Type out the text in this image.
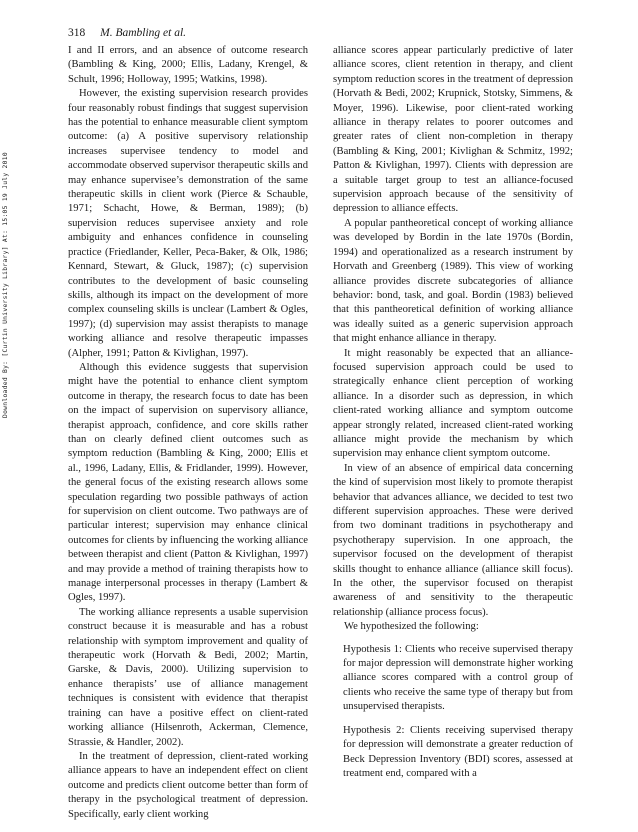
318 M. Bambling et al.
Downloaded By: [Curtin University Library] At: 15:05 19 July 2010

I and II errors, and an absence of outcome research (Bambling & King, 2000; Ellis, Ladany, Krengel, & Schult, 1996; Holloway, 1995; Watkins, 1998).

However, the existing supervision research provides four reasonably robust findings that suggest supervision has the potential to enhance measurable client symptom outcome: (a) A positive supervisory relationship increases supervisee tendency to model and accommodate observed supervisor therapeutic skills and may enhance supervisee’s demonstration of the same therapeutic skills in client work (Pierce & Schauble, 1971; Schacht, Howe, & Berman, 1989); (b) supervision reduces supervisee anxiety and role ambiguity and enhances confidence in counseling practice (Friedlander, Keller, Peca-Baker, & Olk, 1986; Kennard, Stewart, & Gluck, 1987); (c) supervision contributes to the development of basic counseling skills, although its impact on the development of more complex counseling skills is unclear (Lambert & Ogles, 1997); (d) supervision may assist therapists to manage working alliance and resolve therapeutic impasses (Alpher, 1991; Patton & Kivlighan, 1997).

Although this evidence suggests that supervision might have the potential to enhance client symptom outcome in therapy, the research focus to date has been on the impact of supervision on supervisory alliance, therapist approach, confidence, and core skills rather than on clearly defined client outcomes such as symptom reduction (Bambling & King, 2000; Ellis et al., 1996, Ladany, Ellis, & Fridlander, 1999). However, the general focus of the existing research allows some speculation regarding two possible pathways of action for supervision on client outcome. Two pathways are of particular interest; supervision may enhance clinical outcomes for clients by influencing the working alliance between therapist and client (Patton & Kivlighan, 1997) and may provide a method of training therapists how to manage interpersonal processes in therapy (Lambert & Ogles, 1997).

The working alliance represents a usable supervision construct because it is measurable and has a robust relationship with symptom improvement and quality of therapeutic work (Horvath & Bedi, 2002; Martin, Garske, & Davis, 2000). Utilizing supervision to enhance therapists’ use of alliance management techniques is consistent with evidence that therapist training can have a positive effect on client-rated working alliance (Hilsenroth, Ackerman, Clemence, Strassie, & Handler, 2002).

In the treatment of depression, client-rated working alliance appears to have an independent effect on client outcome and predicts client outcome better than form of therapy in the psychological treatment of depression. Specifically, early client working

alliance scores appear particularly predictive of later alliance scores, client retention in therapy, and client symptom reduction scores in the treatment of depression (Horvath & Bedi, 2002; Krupnick, Stotsky, Simmens, & Moyer, 1996). Likewise, poor client-rated working alliance in therapy relates to poorer outcomes and greater rates of client non-completion in therapy (Bambling & King, 2001; Kivlighan & Schmitz, 1992; Patton & Kivlighan, 1997). Clients with depression are a suitable target group to test an alliance-focused supervision approach because of the sensitivity of depression to alliance effects.

A popular pantheoretical concept of working alliance was developed by Bordin in the late 1970s (Bordin, 1994) and operationalized as a research instrument by Horvath and Greenberg (1989). This view of working alliance provides discrete subcategories of alliance behavior: bond, task, and goal. Bordin (1983) believed that this pantheoretical definition of working alliance was ideally suited as a generic supervision approach that might enhance alliance in therapy.

It might reasonably be expected that an alliance-focused supervision approach could be used to strategically enhance client perception of working alliance. In a disorder such as depression, in which client-rated working alliance and symptom outcome appear strongly related, increased client-rated working alliance might provide the mechanism by which supervision may enhance client symptom outcome.

In view of an absence of empirical data concerning the kind of supervision most likely to promote therapist behavior that advances alliance, we decided to test two different supervision approaches. These were derived from two dominant traditions in psychotherapy and psychotherapy supervision. In one approach, the supervisor focused on the development of therapist skills thought to enhance alliance (alliance skill focus). In the other, the supervisor focused on therapist awareness of and sensitivity to the therapeutic relationship (alliance process focus).

We hypothesized the following:

Hypothesis 1: Clients who receive supervised therapy for major depression will demonstrate higher working alliance scores compared with a control group of clients who receive the same type of therapy but from unsupervised therapists.

Hypothesis 2: Clients receiving supervised therapy for depression will demonstrate a greater reduction of Beck Depression Inventory (BDI) scores, assessed at treatment end, compared with a
